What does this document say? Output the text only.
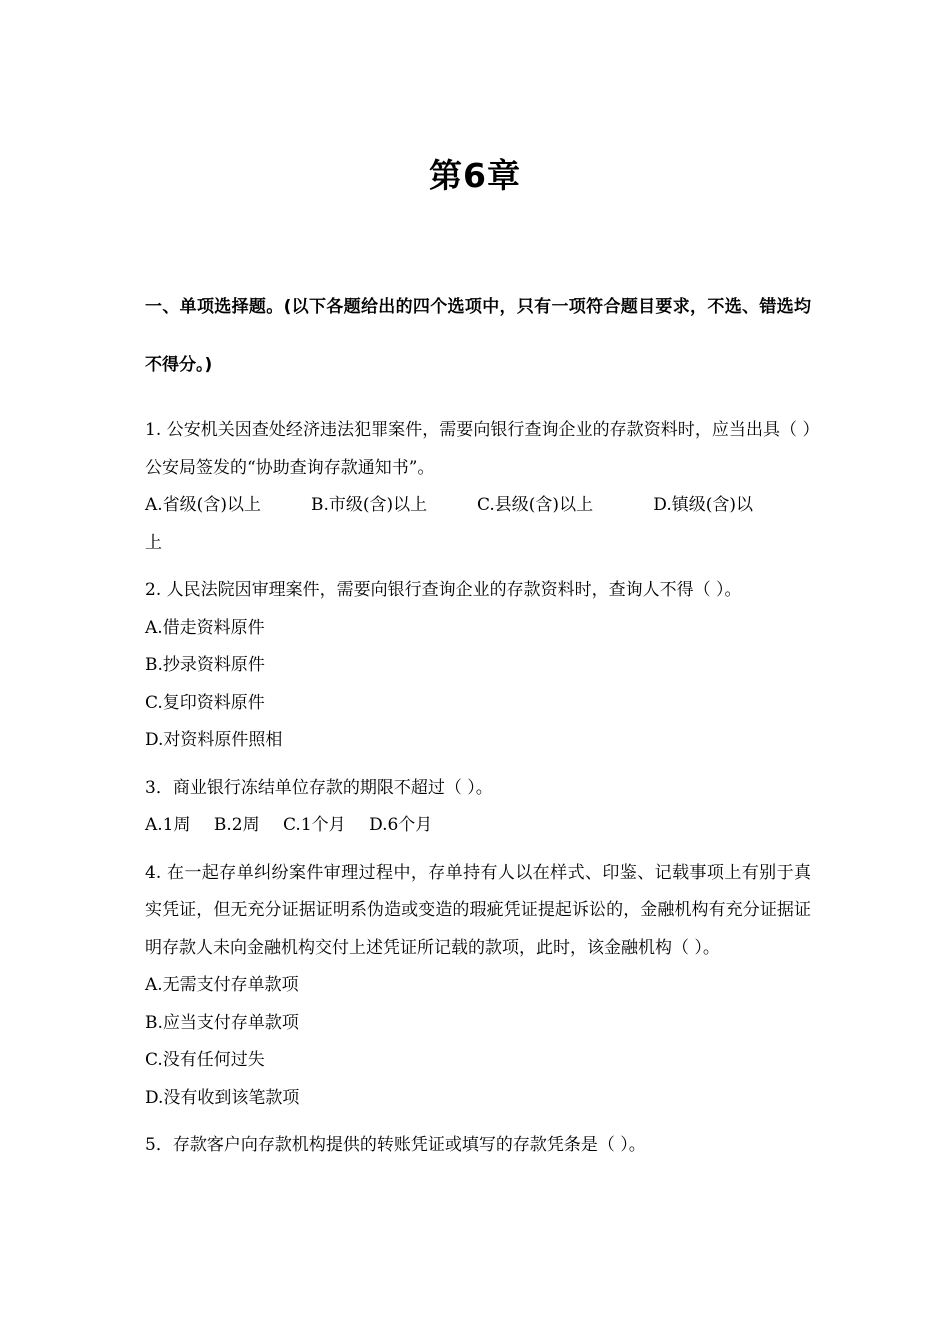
第6章
一、单项选择题。(以下各题给出的四个选项中，只有一项符合题目要求，不选、错选均不得分。)

1. 公安机关因查处经济违法犯罪案件，需要向银行查询企业的存款资料时，应当出具（ ）公安局签发的“协助查询存款通知书”。

A.省级(含)以上	B.市级(含)以上	C.县级(含)以上	D.镇级(含)以
上

2. 人民法院因审理案件，需要向银行查询企业的存款资料时，查询人不得（ ）。

A.借走资料原件

B.抄录资料原件

C.复印资料原件

D.对资料原件照相

3．商业银行冻结单位存款的期限不超过（ ）。

A.1周 B.2周 C.1个月 D.6个月

4. 在一起存单纠纷案件审理过程中，存单持有人以在样式、印鉴、记载事项上有别于真实凭证，但无充分证据证明系伪造或变造的瑕疵凭证提起诉讼的，金融机构有充分证据证明存款人未向金融机构交付上述凭证所记载的款项，此时，该金融机构（ ）。

A.无需支付存单款项

B.应当支付存单款项

C.没有任何过失

D.没有收到该笔款项

5．存款客户向存款机构提供的转账凭证或填写的存款凭条是（ ）。
